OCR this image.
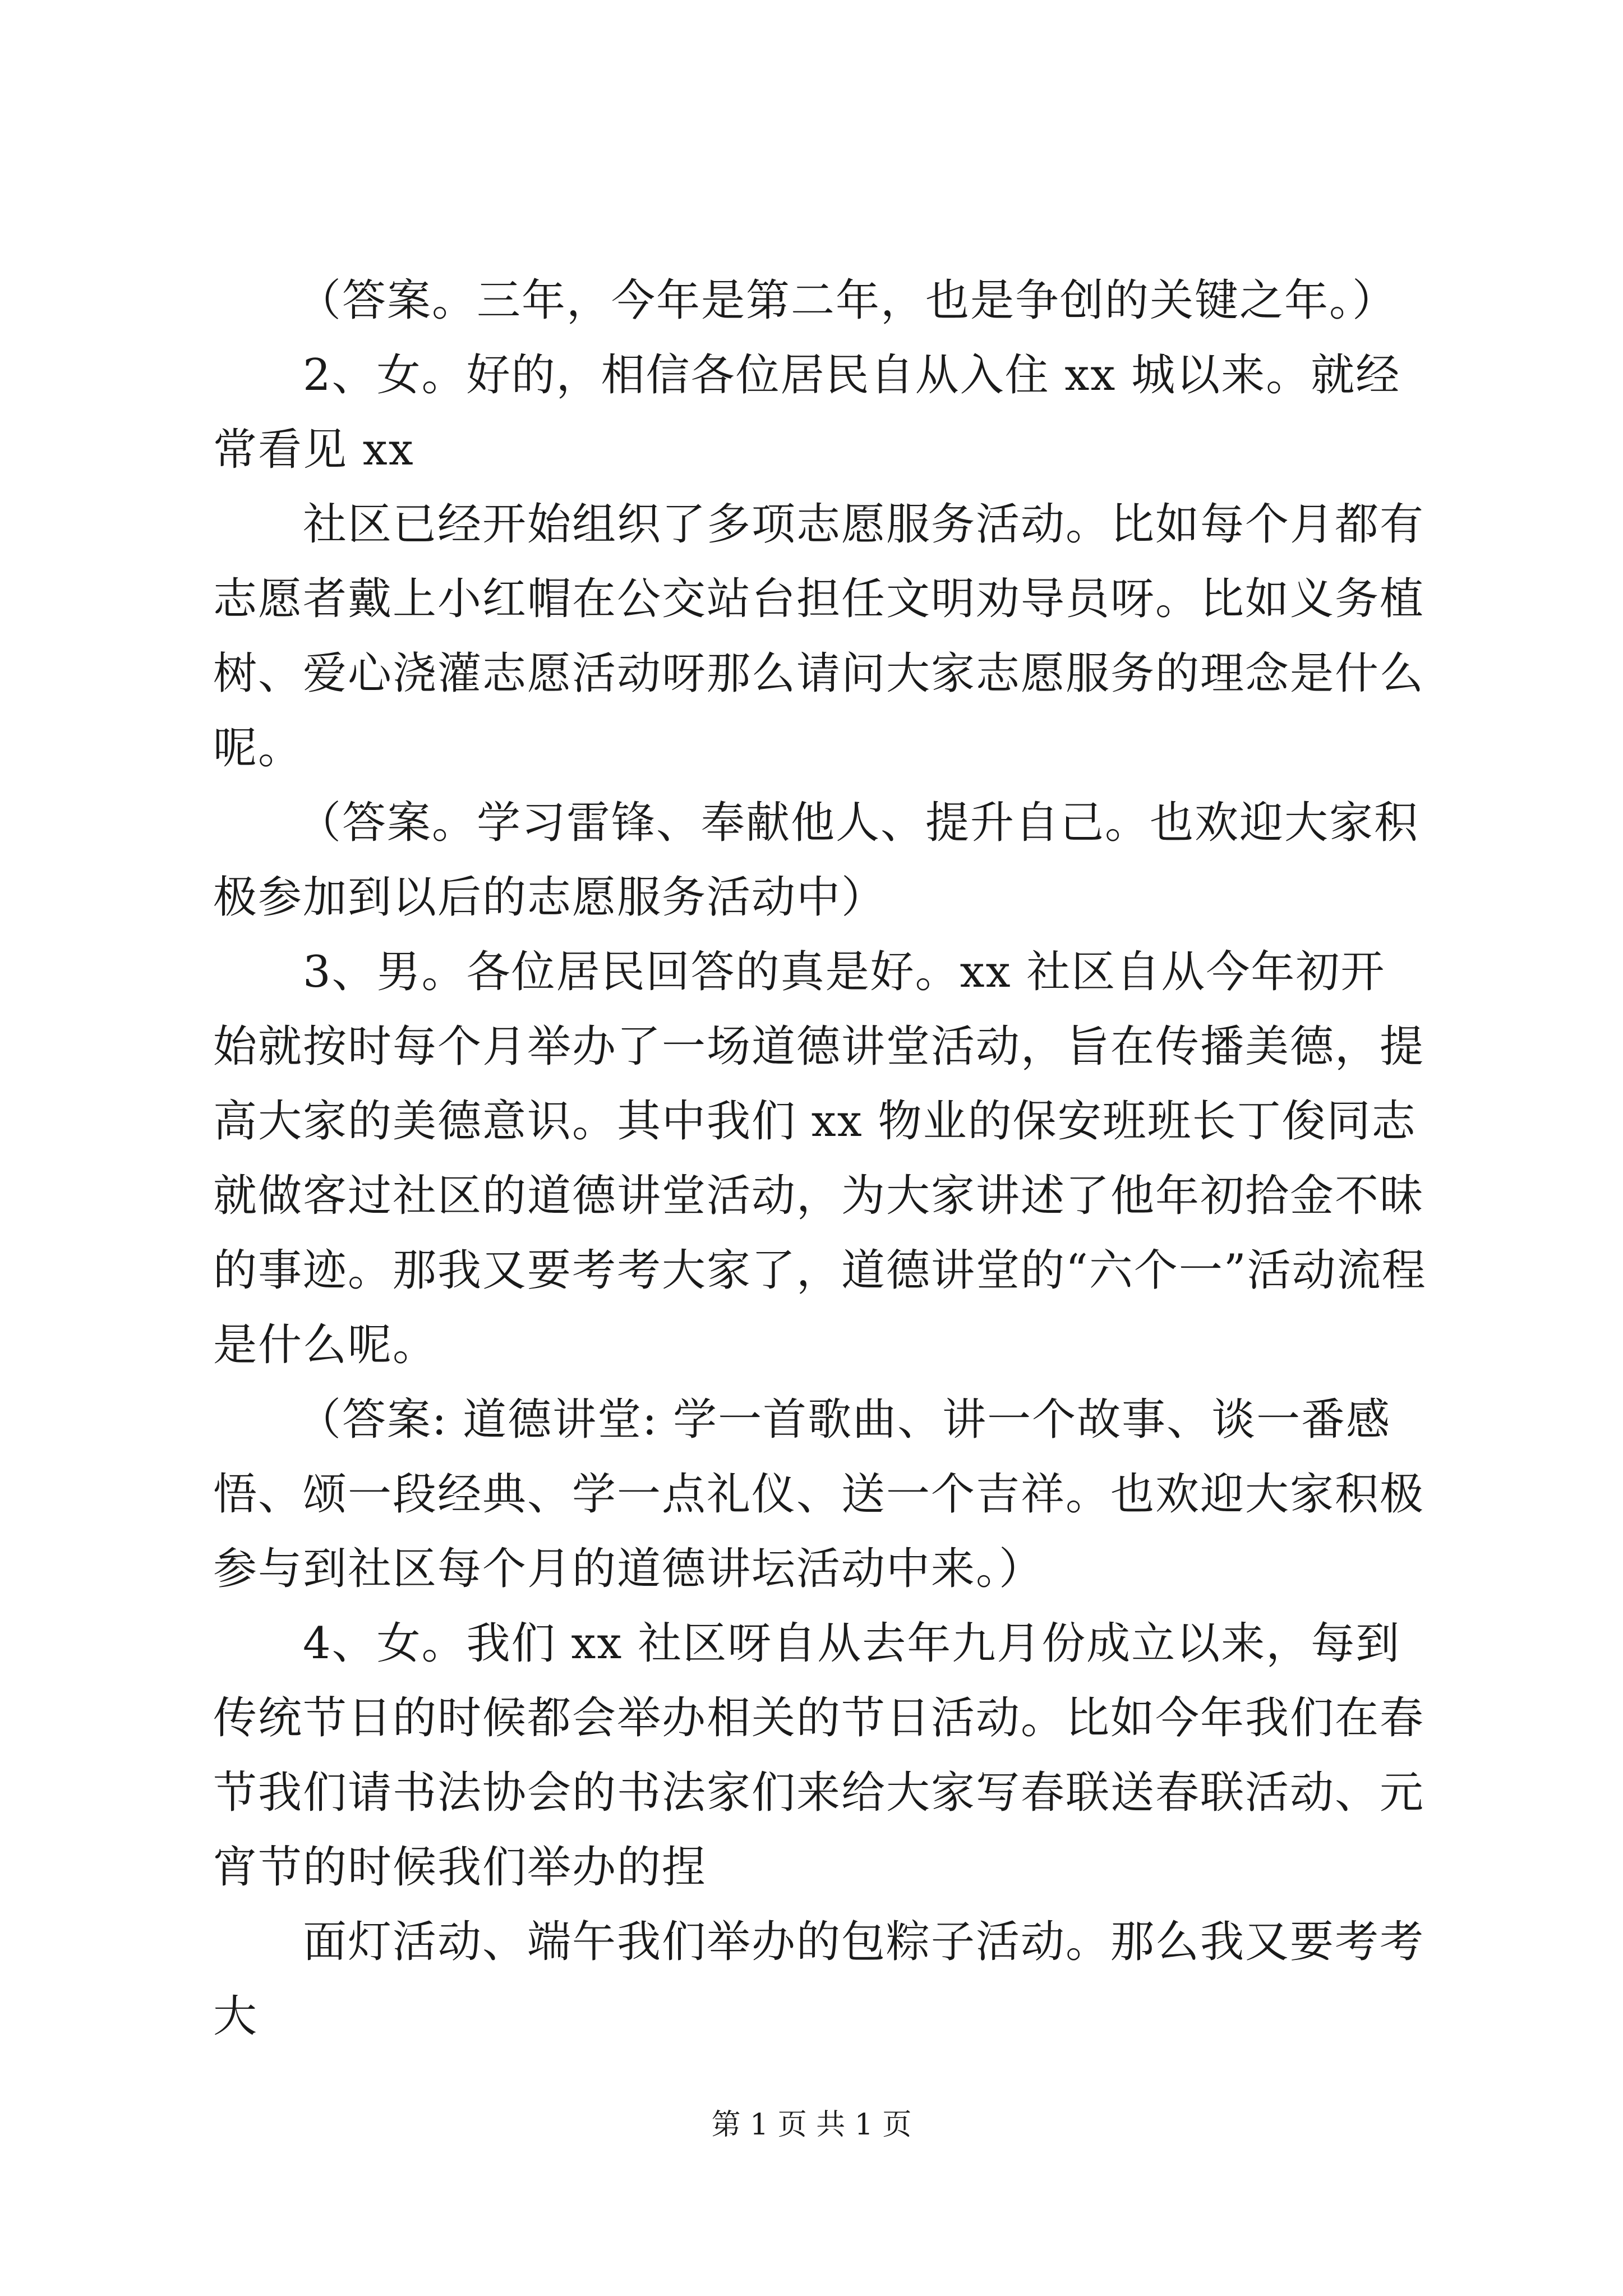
（答案。三年，今年是第二年，也是争创的关键之年。）

2、女。好的，相信各位居民自从入住 xx 城以来。就经常看见 xx

社区已经开始组织了多项志愿服务活动。比如每个月都有志愿者戴上小红帽在公交站台担任文明劝导员呀。比如义务植树、爱心浇灌志愿活动呀那么请问大家志愿服务的理念是什么呢。

（答案。学习雷锋、奉献他人、提升自己。也欢迎大家积极参加到以后的志愿服务活动中）

3、男。各位居民回答的真是好。xx 社区自从今年初开始就按时每个月举办了一场道德讲堂活动，旨在传播美德，提高大家的美德意识。其中我们 xx 物业的保安班班长丁俊同志就做客过社区的道德讲堂活动，为大家讲述了他年初拾金不昧的事迹。那我又要考考大家了，道德讲堂的“六个一”活动流程是什么呢。

（答案: 道德讲堂: 学一首歌曲、讲一个故事、谈一番感悟、颂一段经典、学一点礼仪、送一个吉祥。也欢迎大家积极参与到社区每个月的道德讲坛活动中来。）

4、女。我们 xx 社区呀自从去年九月份成立以来，每到传统节日的时候都会举办相关的节日活动。比如今年我们在春节我们请书法协会的书法家们来给大家写春联送春联活动、元宵节的时候我们举办的捏

面灯活动、端午我们举办的包粽子活动。那么我又要考考大

第 1 页 共 1 页
